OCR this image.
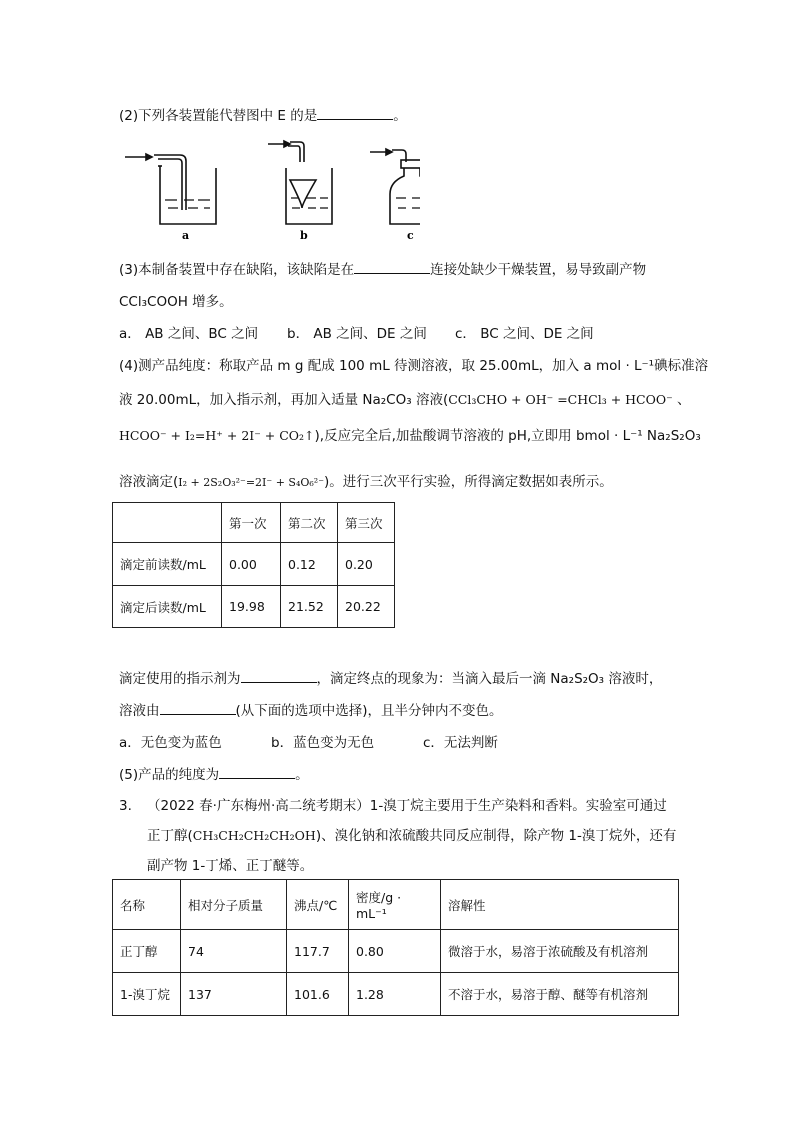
(2)下列各装置能代替图中 E 的是	。
a	b	c
(3)本制备装置中存在缺陷，该缺陷是在	连接处缺少干燥装置，易导致副产物
CCl₃COOH 增多。
a． AB 之间、BC 之间 b． AB 之间、DE 之间 c． BC 之间、DE 之间
(4)测产品纯度：称取产品 m g 配成 100 mL 待测溶液，取 25.00mL，加入 a mol · L⁻¹碘标准溶
液 20.00mL，加入指示剂，再加入适量 Na₂CO₃ 溶液(CCl₃CHO + OH⁻ =CHCl₃ + HCOO⁻ 、
HCOO⁻ + I₂=H⁺ + 2I⁻ + CO₂↑),反应完全后,加盐酸调节溶液的 pH,立即用 bmol · L⁻¹ Na₂S₂O₃
溶液滴定(I₂ + 2S₂O₃²⁻=2I⁻ + S₄O₆²⁻)。进行三次平行实验，所得滴定数据如表所示。
	第一次	第二次	第三次
滴定前读数/mL	0.00	0.12	0.20
滴定后读数/mL	19.98	21.52	20.22
滴定使用的指示剂为	，滴定终点的现象为：当滴入最后一滴 Na₂S₂O₃ 溶液时，
溶液由	(从下面的选项中选择)，且半分钟内不变色。
a．无色变为蓝色	b．蓝色变为无色	c．无法判断
(5)产品的纯度为	。
3. （2022 春·广东梅州·高二统考期末）1-溴丁烷主要用于生产染料和香料。实验室可通过
正丁醇(CH₃CH₂CH₂CH₂OH)、溴化钠和浓硫酸共同反应制得，除产物 1-溴丁烷外，还有
副产物 1-丁烯、正丁醚等。
名称	相对分子质量	沸点/℃	密度/g · mL⁻¹	溶解性
正丁醇	74	117.7	0.80	微溶于水，易溶于浓硫酸及有机溶剂
1-溴丁烷	137	101.6	1.28	不溶于水，易溶于醇、醚等有机溶剂
